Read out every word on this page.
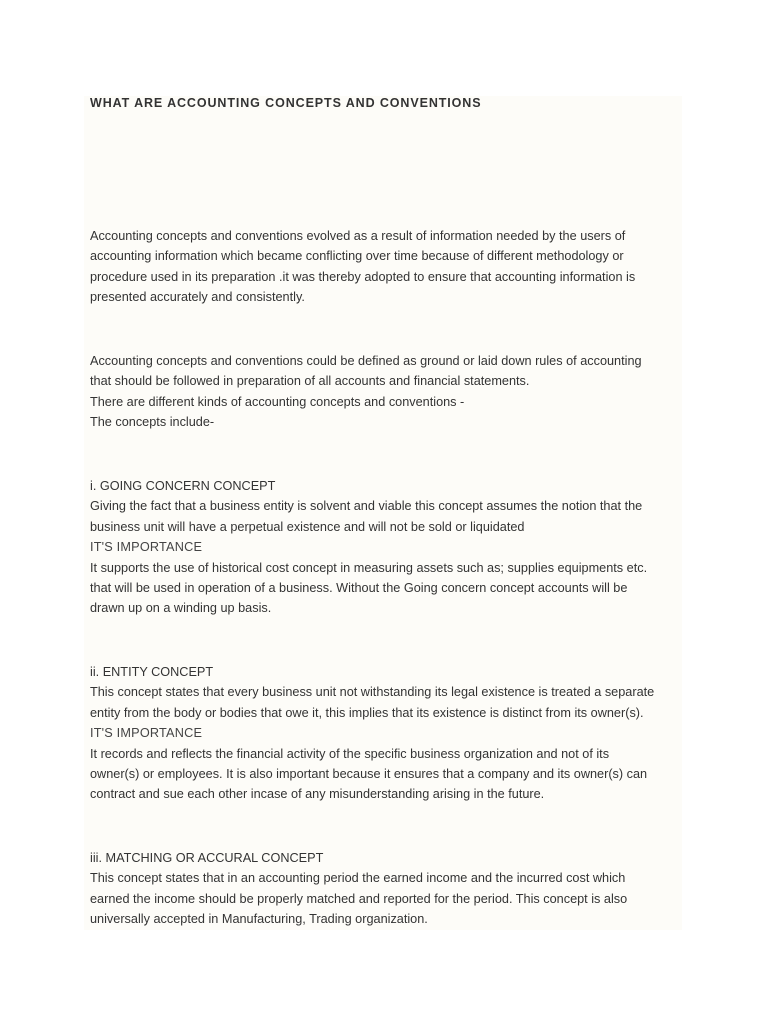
WHAT ARE ACCOUNTING CONCEPTS AND CONVENTIONS

Accounting concepts and conventions evolved as a result of information needed by the users of
accounting information which became conflicting over time because of different methodology or
procedure used in its preparation .it was thereby adopted to ensure that accounting information is
presented accurately and consistently.

Accounting concepts and conventions could be defined as ground or laid down rules of accounting
that should be followed in preparation of all accounts and financial statements.
There are different kinds of accounting concepts and conventions -
The concepts include-

i. GOING CONCERN CONCEPT
Giving the fact that a business entity is solvent and viable this concept assumes the notion that the
business unit will have a perpetual existence and will not be sold or liquidated
IT'S IMPORTANCE
It supports the use of historical cost concept in measuring assets such as; supplies equipments etc.
that will be used in operation of a business. Without the Going concern concept accounts will be
drawn up on a winding up basis.
ii. ENTITY CONCEPT
This concept states that every business unit not withstanding its legal existence is treated a separate
entity from the body or bodies that owe it, this implies that its existence is distinct from its owner(s).
IT'S IMPORTANCE
It records and reflects the financial activity of the specific business organization and not of its
owner(s) or employees. It is also important because it ensures that a company and its owner(s) can
contract and sue each other incase of any misunderstanding arising in the future.
iii. MATCHING OR ACCURAL CONCEPT
This concept states that in an accounting period the earned income and the incurred cost which
earned the income should be properly matched and reported for the period. This concept is also
universally accepted in Manufacturing, Trading organization.
